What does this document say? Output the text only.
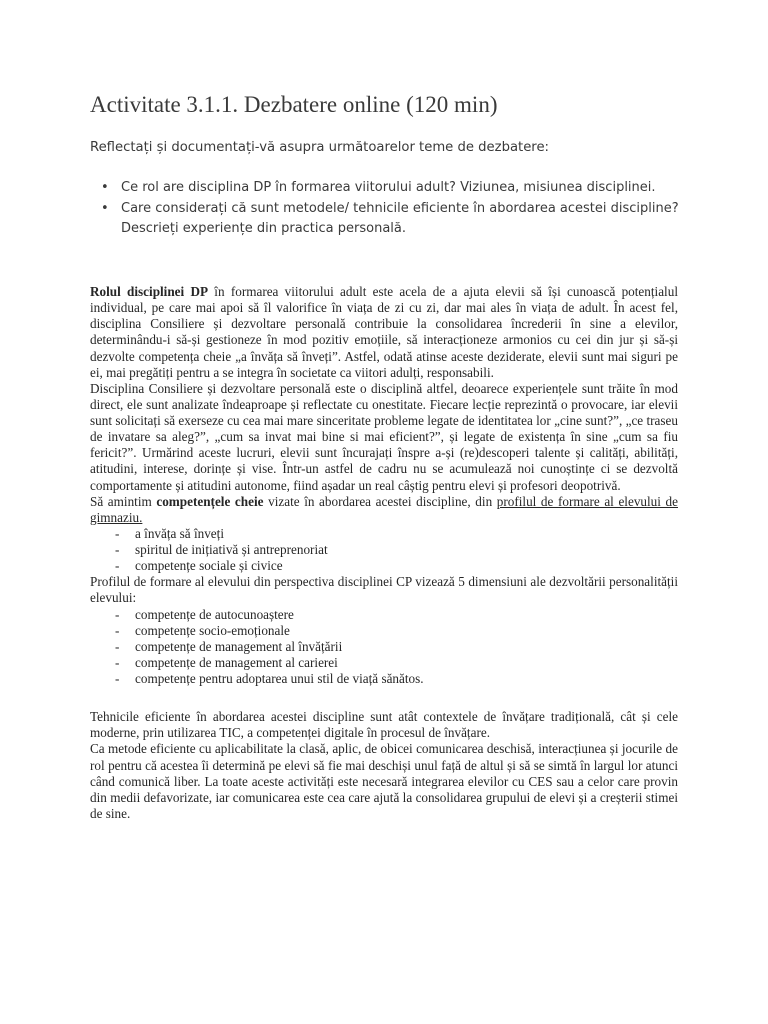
Activitate 3.1.1. Dezbatere online (120 min)

Reflectați și documentați-vă asupra următoarelor teme de dezbatere:

• Ce rol are disciplina DP în formarea viitorului adult? Viziunea, misiunea disciplinei.
• Care considerați că sunt metodele/ tehnicile eficiente în abordarea acestei discipline? Descrieți experiențe din practica personală.

Rolul disciplinei DP în formarea viitorului adult este acela de a ajuta elevii să își cunoască potențialul individual, pe care mai apoi să îl valorifice în viața de zi cu zi, dar mai ales în viața de adult. În acest fel, disciplina Consiliere și dezvoltare personală contribuie la consolidarea încrederii în sine a elevilor, determinându-i să-și gestioneze în mod pozitiv emoțiile, să interacționeze armonios cu cei din jur și să-și dezvolte competența cheie „a învăța să înveți”. Astfel, odată atinse aceste deziderate, elevii sunt mai siguri pe ei, mai pregătiți pentru a se integra în societate ca viitori adulți, responsabili.

Disciplina Consiliere și dezvoltare personală este o disciplină altfel, deoarece experiențele sunt trăite în mod direct, ele sunt analizate îndeaproape și reflectate cu onestitate. Fiecare lecție reprezintă o provocare, iar elevii sunt solicitați să exerseze cu cea mai mare sinceritate probleme legate de identitatea lor „cine sunt?”, „ce traseu de invatare sa aleg?”, „cum sa invat mai bine si mai eficient?”, și legate de existența în sine „cum sa fiu fericit?”. Urmărind aceste lucruri, elevii sunt încurajați înspre a-și (re)descoperi talente și calități, abilități, atitudini, interese, dorințe și vise. Într-un astfel de cadru nu se acumulează noi cunoștințe ci se dezvoltă comportamente și atitudini autonome, fiind așadar un real câștig pentru elevi și profesori deopotrivă.

Să amintim competențele cheie vizate în abordarea acestei discipline, din profilul de formare al elevului de gimnaziu.

- a învăța să înveți
- spiritul de inițiativă și antreprenoriat
- competențe sociale și civice

Profilul de formare al elevului din perspectiva disciplinei CP vizează 5 dimensiuni ale dezvoltării personalității elevului:

- competențe de autocunoaștere
- competențe socio-emoționale
- competențe de management al învățării
- competențe de management al carierei
- competențe pentru adoptarea unui stil de viață sănătos.

Tehnicile eficiente în abordarea acestei discipline sunt atât contextele de învățare tradițională, cât și cele moderne, prin utilizarea TIC, a competenței digitale în procesul de învățare.

Ca metode eficiente cu aplicabilitate la clasă, aplic, de obicei comunicarea deschisă, interacțiunea și jocurile de rol pentru că acestea îi determină pe elevi să fie mai deschiși unul față de altul și să se simtă în largul lor atunci când comunică liber. La toate aceste activități este necesară integrarea elevilor cu CES sau a celor care provin din medii defavorizate, iar comunicarea este cea care ajută la consolidarea grupului de elevi și a creșterii stimei de sine.
